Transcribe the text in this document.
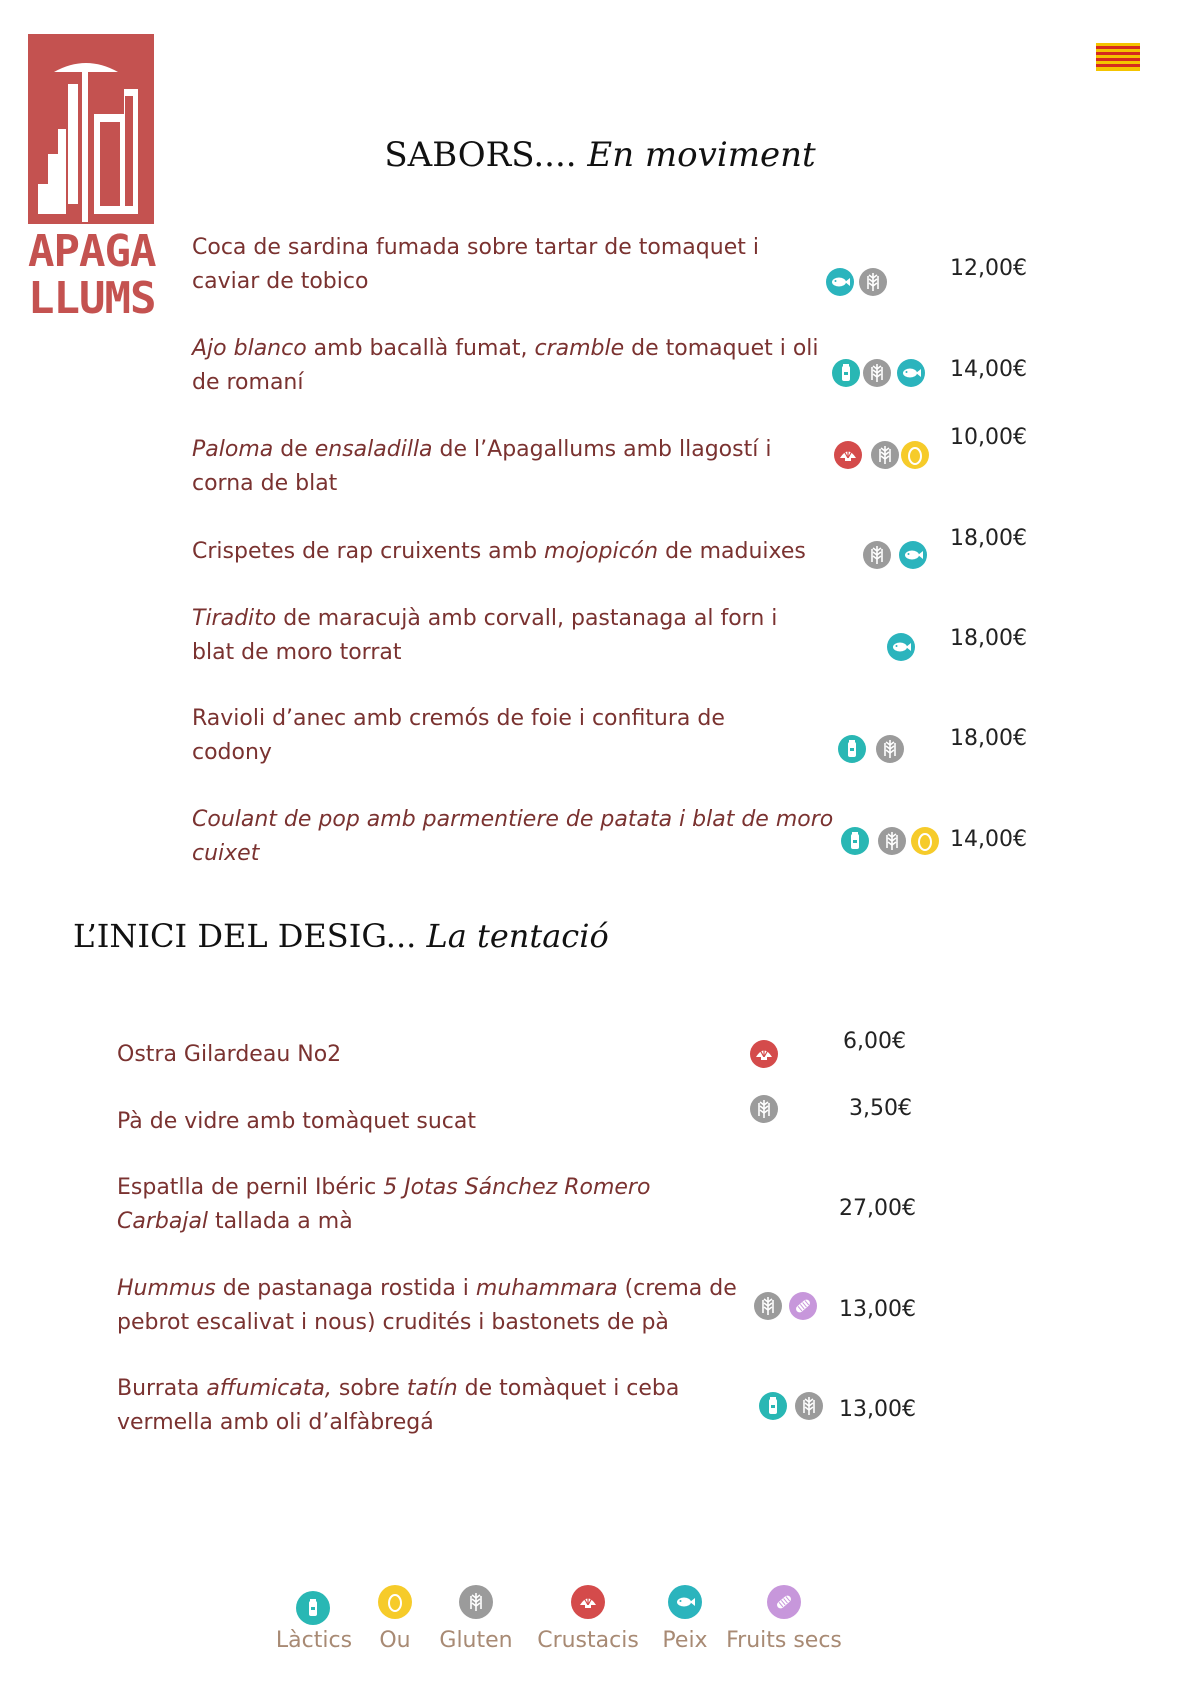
APAGA
LLUMS
SABORS.... En moviment
Coca de sardina fumada sobre tartar de tomaquet i
caviar de tobico
12,00€
Ajo blanco amb bacallà fumat, cramble de tomaquet i oli
de romaní
14,00€
Paloma de ensaladilla de l’Apagallums amb llagostí i
corna de blat
10,00€
Crispetes de rap cruixents amb mojopicón de maduixes
18,00€
Tiradito de maracujà amb corvall, pastanaga al forn i
blat de moro torrat
18,00€
Ravioli d’anec amb cremós de foie i confitura de
codony
18,00€
Coulant de pop amb parmentiere de patata i blat de moro
cuixet
14,00€
L’INICI DEL DESIG... La tentació
Ostra Gilardeau No2
6,00€
Pà de vidre amb tomàquet sucat
3,50€
Espatlla de pernil Ibéric 5 Jotas Sánchez Romero
Carbajal tallada a mà
27,00€
Hummus de pastanaga rostida i muhammara (crema de
pebrot escalivat i nous) crudités i bastonets de pà
13,00€
Burrata affumicata, sobre tatín de tomàquet i ceba
vermella amb oli d’alfàbregá
13,00€
Làctics	Ou	Gluten	Crustacis	Peix Fruits secs
